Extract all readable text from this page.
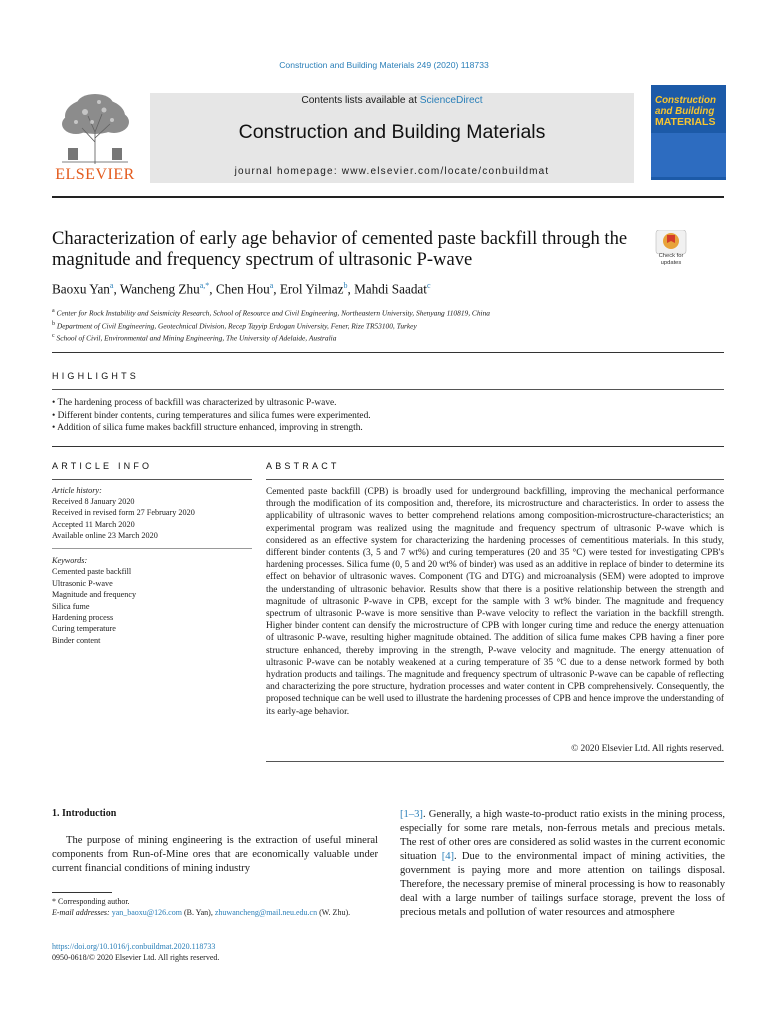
Construction and Building Materials 249 (2020) 118733
ELSEVIER
Contents lists available at ScienceDirect
Construction and Building Materials
journal homepage: www.elsevier.com/locate/conbuildmat
Construction
and Building
MATERIALS
Characterization of early age behavior of cemented paste backfill through the magnitude and frequency spectrum of ultrasonic P-wave	Check for
updates
Baoxu Yan$^a$, Wancheng Zhu$^{a,*}$, Chen Hou$^a$, Erol Yilmaz$^b$, Mahdi Saadat$^c$
$^a$ Center for Rock Instability and Seismicity Research, School of Resource and Civil Engineering, Northeastern University, Shenyang 110819, China
$^b$ Department of Civil Engineering, Geotechnical Division, Recep Tayyip Erdogan University, Fener, Rize TR53100, Turkey
$^c$ School of Civil, Environmental and Mining Engineering, The University of Adelaide, Australia
HIGHLIGHTS
• The hardening process of backfill was characterized by ultrasonic P-wave.
• Different binder contents, curing temperatures and silica fumes were experimented.
• Addition of silica fume makes backfill structure enhanced, improving in strength.
ARTICLE INFO
Article history:
Received 8 January 2020
Received in revised form 27 February 2020
Accepted 11 March 2020
Available online 23 March 2020
Keywords:
Cemented paste backfill
Ultrasonic P-wave
Magnitude and frequency
Silica fume
Hardening process
Curing temperature
Binder content
ABSTRACT
Cemented paste backfill (CPB) is broadly used for underground backfilling, improving the mechanical performance through the modification of its composition and, therefore, its microstructure and characteristics. In order to assess the applicability of ultrasonic waves to better comprehend relations among composition-microstructure-characteristics; an experimental program was realized using the magnitude and frequency spectrum of ultrasonic P-wave which is considered as an effective system for characterizing the hardening processes of cementitious materials. In this study, different binder contents (3, 5 and 7 wt%) and curing temperatures (20 and 35 °C) were tested for investigating CPB's hardening processes. Silica fume (0, 5 and 20 wt% of binder) was used as an additive in replace of binder to determine its effect on behavior of ultrasonic waves. Component (TG and DTG) and microanalysis (SEM) were adopted to improve the understanding of ultrasonic behavior. Results show that there is a positive relationship between the strength and magnitude of ultrasonic P-wave in CPB, except for the sample with 3 wt% binder. The magnitude and frequency spectrum of ultrasonic P-wave is more sensitive than P-wave velocity to reflect the variation in the backfill strength. Higher binder content can densify the microstructure of CPB with longer curing time and reduce the energy attenuation of ultrasonic P-wave, resulting higher magnitude obtained. The addition of silica fume makes CPB having a finer pore structure enhanced, thereby improving in the strength, P-wave velocity and magnitude. The energy attenuation of ultrasonic P-wave can be notably weakened at a curing temperature of 35 °C due to a dense network formed by both hydration products and tailings. The magnitude and frequency spectrum of ultrasonic P-wave can be capable of reflecting and characterizing the pore structure, hydration processes and water content in CPB comprehensively. Consequently, the proposed technique can be well used to illustrate the hardening processes of CPB and hence improve the understanding of its early-age behavior.
© 2020 Elsevier Ltd. All rights reserved.
1. Introduction
The purpose of mining engineering is the extraction of useful mineral components from Run-of-Mine ores that are economically valuable under current financial conditions of mining industry
[1–3]. Generally, a high waste-to-product ratio exists in the mining process, especially for some rare metals, non-ferrous metals and precious metals. The rest of other ores are considered as solid wastes in the current economic situation [4]. Due to the environmental impact of mining activities, the government is paying more and more attention on tailings disposal. Therefore, the necessary premise of mineral processing is how to reasonably deal with a large number of tailings surface storage, prevent the loss of precious metals and pollution of water resources and atmosphere
* Corresponding author.
E-mail addresses: yan_baoxu@126.com (B. Yan), zhuwancheng@mail.neu.edu.cn (W. Zhu).
https://doi.org/10.1016/j.conbuildmat.2020.118733
0950-0618/© 2020 Elsevier Ltd. All rights reserved.
